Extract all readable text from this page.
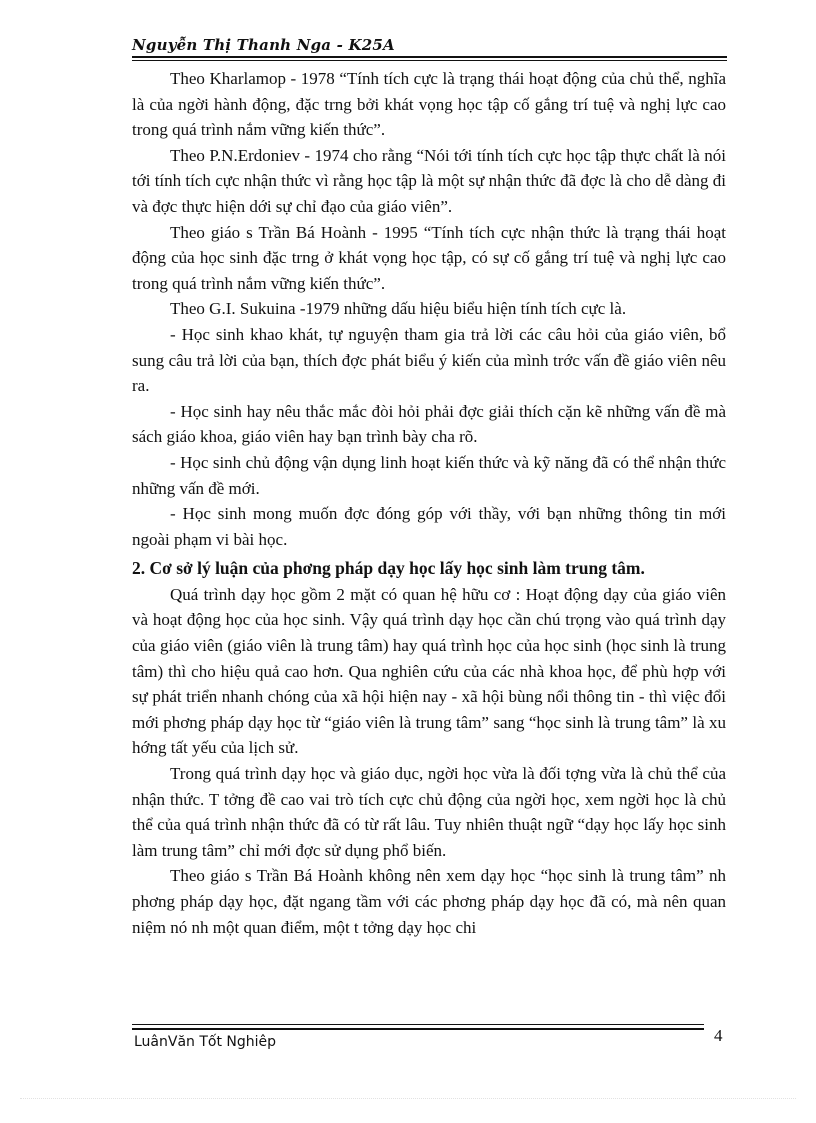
Nguyễn Thị Thanh Nga - K25A

Theo Kharlamop - 1978 “Tính tích cực là trạng thái hoạt động của chủ thể, nghĩa là của ngời hành động, đặc trng bởi khát vọng học tập cố gắng trí tuệ và nghị lực cao trong quá trình nắm vững kiến thức”.

Theo P.N.Erdoniev - 1974 cho rằng “Nói tới tính tích cực học tập thực chất là nói tới tính tích cực nhận thức vì rằng học tập là một sự nhận thức đã đợc là cho dễ dàng đi và đợc thực hiện dới sự chỉ đạo của giáo viên”.

Theo giáo s Trần Bá Hoành - 1995 “Tính tích cực nhận thức là trạng thái hoạt động của học sinh đặc trng ở khát vọng học tập, có sự cố gắng trí tuệ và nghị lực cao trong quá trình nắm vững kiến thức”.

Theo G.I. Sukuina -1979 những dấu hiệu biểu hiện tính tích cực là.

- Học sinh khao khát, tự nguyện tham gia trả lời các câu hỏi của giáo viên, bổ sung câu trả lời của bạn, thích đợc phát biểu ý kiến của mình trớc vấn đề giáo viên nêu ra.

- Học sinh hay nêu thắc mắc đòi hỏi phải đợc giải thích cặn kẽ những vấn đề mà sách giáo khoa, giáo viên hay bạn trình bày cha rõ.

- Học sinh chủ động vận dụng linh hoạt kiến thức và kỹ năng đã có thể nhận thức những vấn đề mới.

- Học sinh mong muốn đợc đóng góp với thầy, với bạn những thông tin mới ngoài phạm vi bài học.

2. Cơ sở lý luận của phơng pháp dạy học lấy học sinh làm trung tâm.

Quá trình dạy học gồm 2 mặt có quan hệ hữu cơ : Hoạt động dạy của giáo viên và hoạt động học của học sinh. Vậy quá trình dạy học cần chú trọng vào quá trình dạy của giáo viên (giáo viên là trung tâm) hay quá trình học của học sinh (học sinh là trung tâm) thì cho hiệu quả cao hơn. Qua nghiên cứu của các nhà khoa học, để phù hợp với sự phát triển nhanh chóng của xã hội hiện nay - xã hội bùng nổi thông tin - thì việc đổi mới phơng pháp dạy học từ “giáo viên là trung tâm” sang “học sinh là trung tâm” là xu hớng tất yếu của lịch sử.

Trong quá trình dạy học và giáo dục, ngời học vừa là đối tợng vừa là chủ thể của nhận thức. T tởng đề cao vai trò tích cực chủ động của ngời học, xem ngời học là chủ thể của quá trình nhận thức đã có từ rất lâu. Tuy nhiên thuật ngữ “dạy học lấy học sinh làm trung tâm” chỉ mới đợc sử dụng phổ biến.

Theo giáo s Trần Bá Hoành không nên xem dạy học “học sinh là trung tâm” nh phơng pháp dạy học, đặt ngang tầm với các phơng pháp dạy học đã có, mà nên quan niệm nó nh một quan điểm, một t tởng dạy học chi

LuânVăn Tốt Nghiêp	4
